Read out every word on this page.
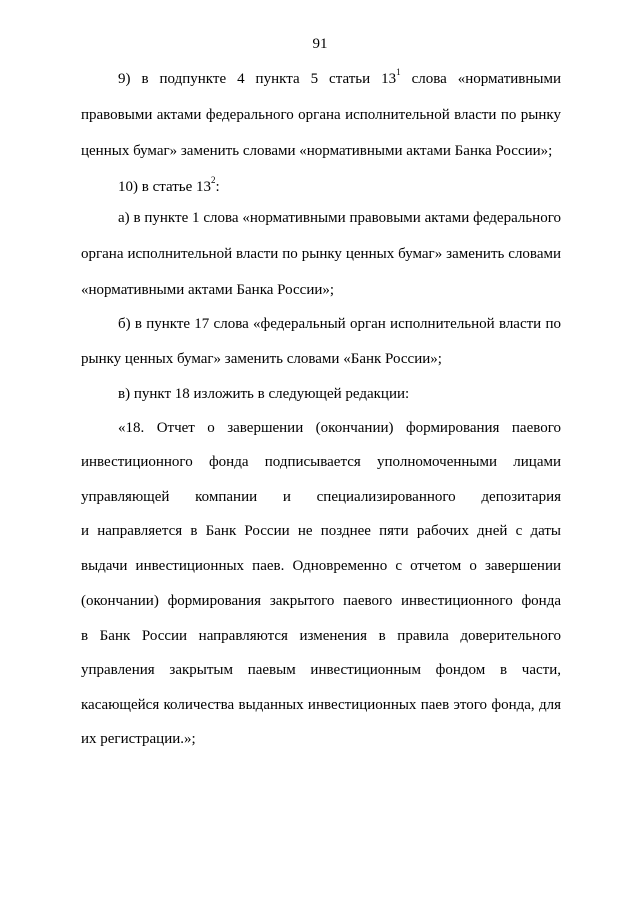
91
9) в подпункте 4 пункта 5 статьи $13^1$ слова «нормативными
правовыми актами федерального органа исполнительной власти по рынку
ценных бумаг» заменить словами «нормативными актами Банка России»;
10) в статье $13^2$:
а) в пункте 1 слова «нормативными правовыми актами федерального
органа исполнительной власти по рынку ценных бумаг» заменить словами
«нормативными актами Банка России»;
б) в пункте 17 слова «федеральный орган исполнительной власти по
рынку ценных бумаг» заменить словами «Банк России»;
в) пункт 18 изложить в следующей редакции:
«18. Отчет о завершении (окончании) формирования паевого
инвестиционного фонда подписывается уполномоченными лицами
управляющей компании и специализированного депозитария
и направляется в Банк России не позднее пяти рабочих дней с даты
выдачи инвестиционных паев. Одновременно с отчетом о завершении
(окончании) формирования закрытого паевого инвестиционного фонда
в Банк России направляются изменения в правила доверительного
управления закрытым паевым инвестиционным фондом в части,
касающейся количества выданных инвестиционных паев этого фонда, для
их регистрации.»;
